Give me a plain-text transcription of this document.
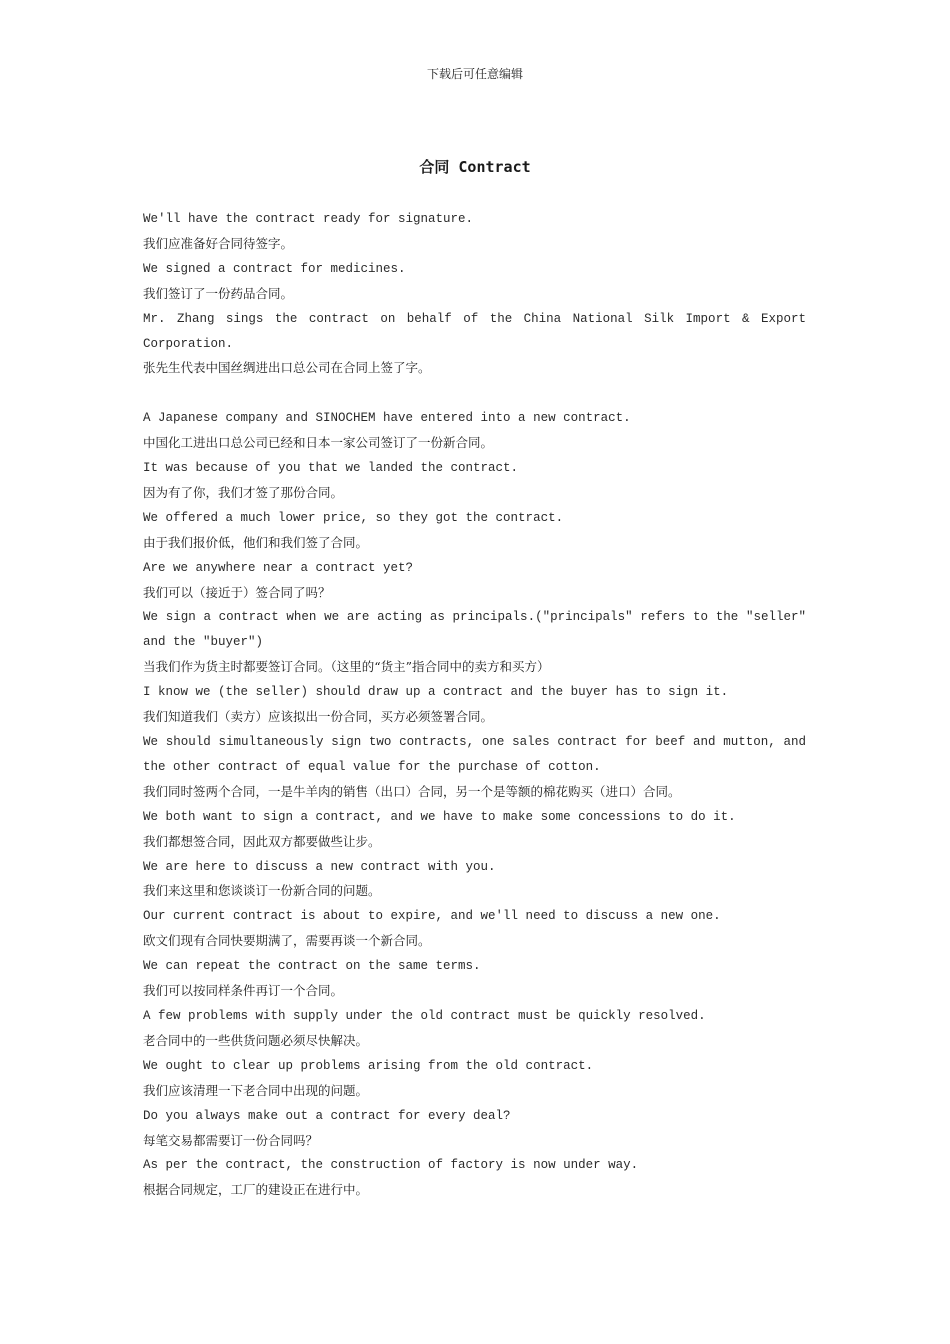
下载后可任意编辑
合同 Contract

We'll have the contract ready for signature.

我们应准备好合同待签字。

We signed a contract for medicines.

我们签订了一份药品合同。

Mr. Zhang sings the contract on behalf of the China National Silk Import & Export Corporation.

张先生代表中国丝绸进出口总公司在合同上签了字。

A Japanese company and SINOCHEM have entered into a new contract.

中国化工进出口总公司已经和日本一家公司签订了一份新合同。

It was because of you that we landed the contract.

因为有了你，我们才签了那份合同。

We offered a much lower price, so they got the contract.

由于我们报价低，他们和我们签了合同。

Are we anywhere near a contract yet?

我们可以（接近于）签合同了吗？

We sign a contract when we are acting as principals.("principals" refers to the "seller" and the "buyer")

当我们作为货主时都要签订合同。（这里的“货主”指合同中的卖方和买方）

I know we (the seller) should draw up a contract and the buyer has to sign it.

我们知道我们（卖方）应该拟出一份合同，买方必须签署合同。

We should simultaneously sign two contracts, one sales contract for beef and mutton, and the other contract of equal value for the purchase of cotton.

我们同时签两个合同，一是牛羊肉的销售（出口）合同，另一个是等额的棉花购买（进口）合同。

We both want to sign a contract, and we have to make some concessions to do it.

我们都想签合同，因此双方都要做些让步。

We are here to discuss a new contract with you.

我们来这里和您谈谈订一份新合同的问题。

Our current contract is about to expire, and we'll need to discuss a new one.

欧文们现有合同快要期满了，需要再谈一个新合同。

We can repeat the contract on the same terms.

我们可以按同样条件再订一个合同。

A few problems with supply under the old contract must be quickly resolved.

老合同中的一些供货问题必须尽快解决。

We ought to clear up problems arising from the old contract.

我们应该清理一下老合同中出现的问题。

Do you always make out a contract for every deal?

每笔交易都需要订一份合同吗？

As per the contract, the construction of factory is now under way.

根据合同规定，工厂的建设正在进行中。
